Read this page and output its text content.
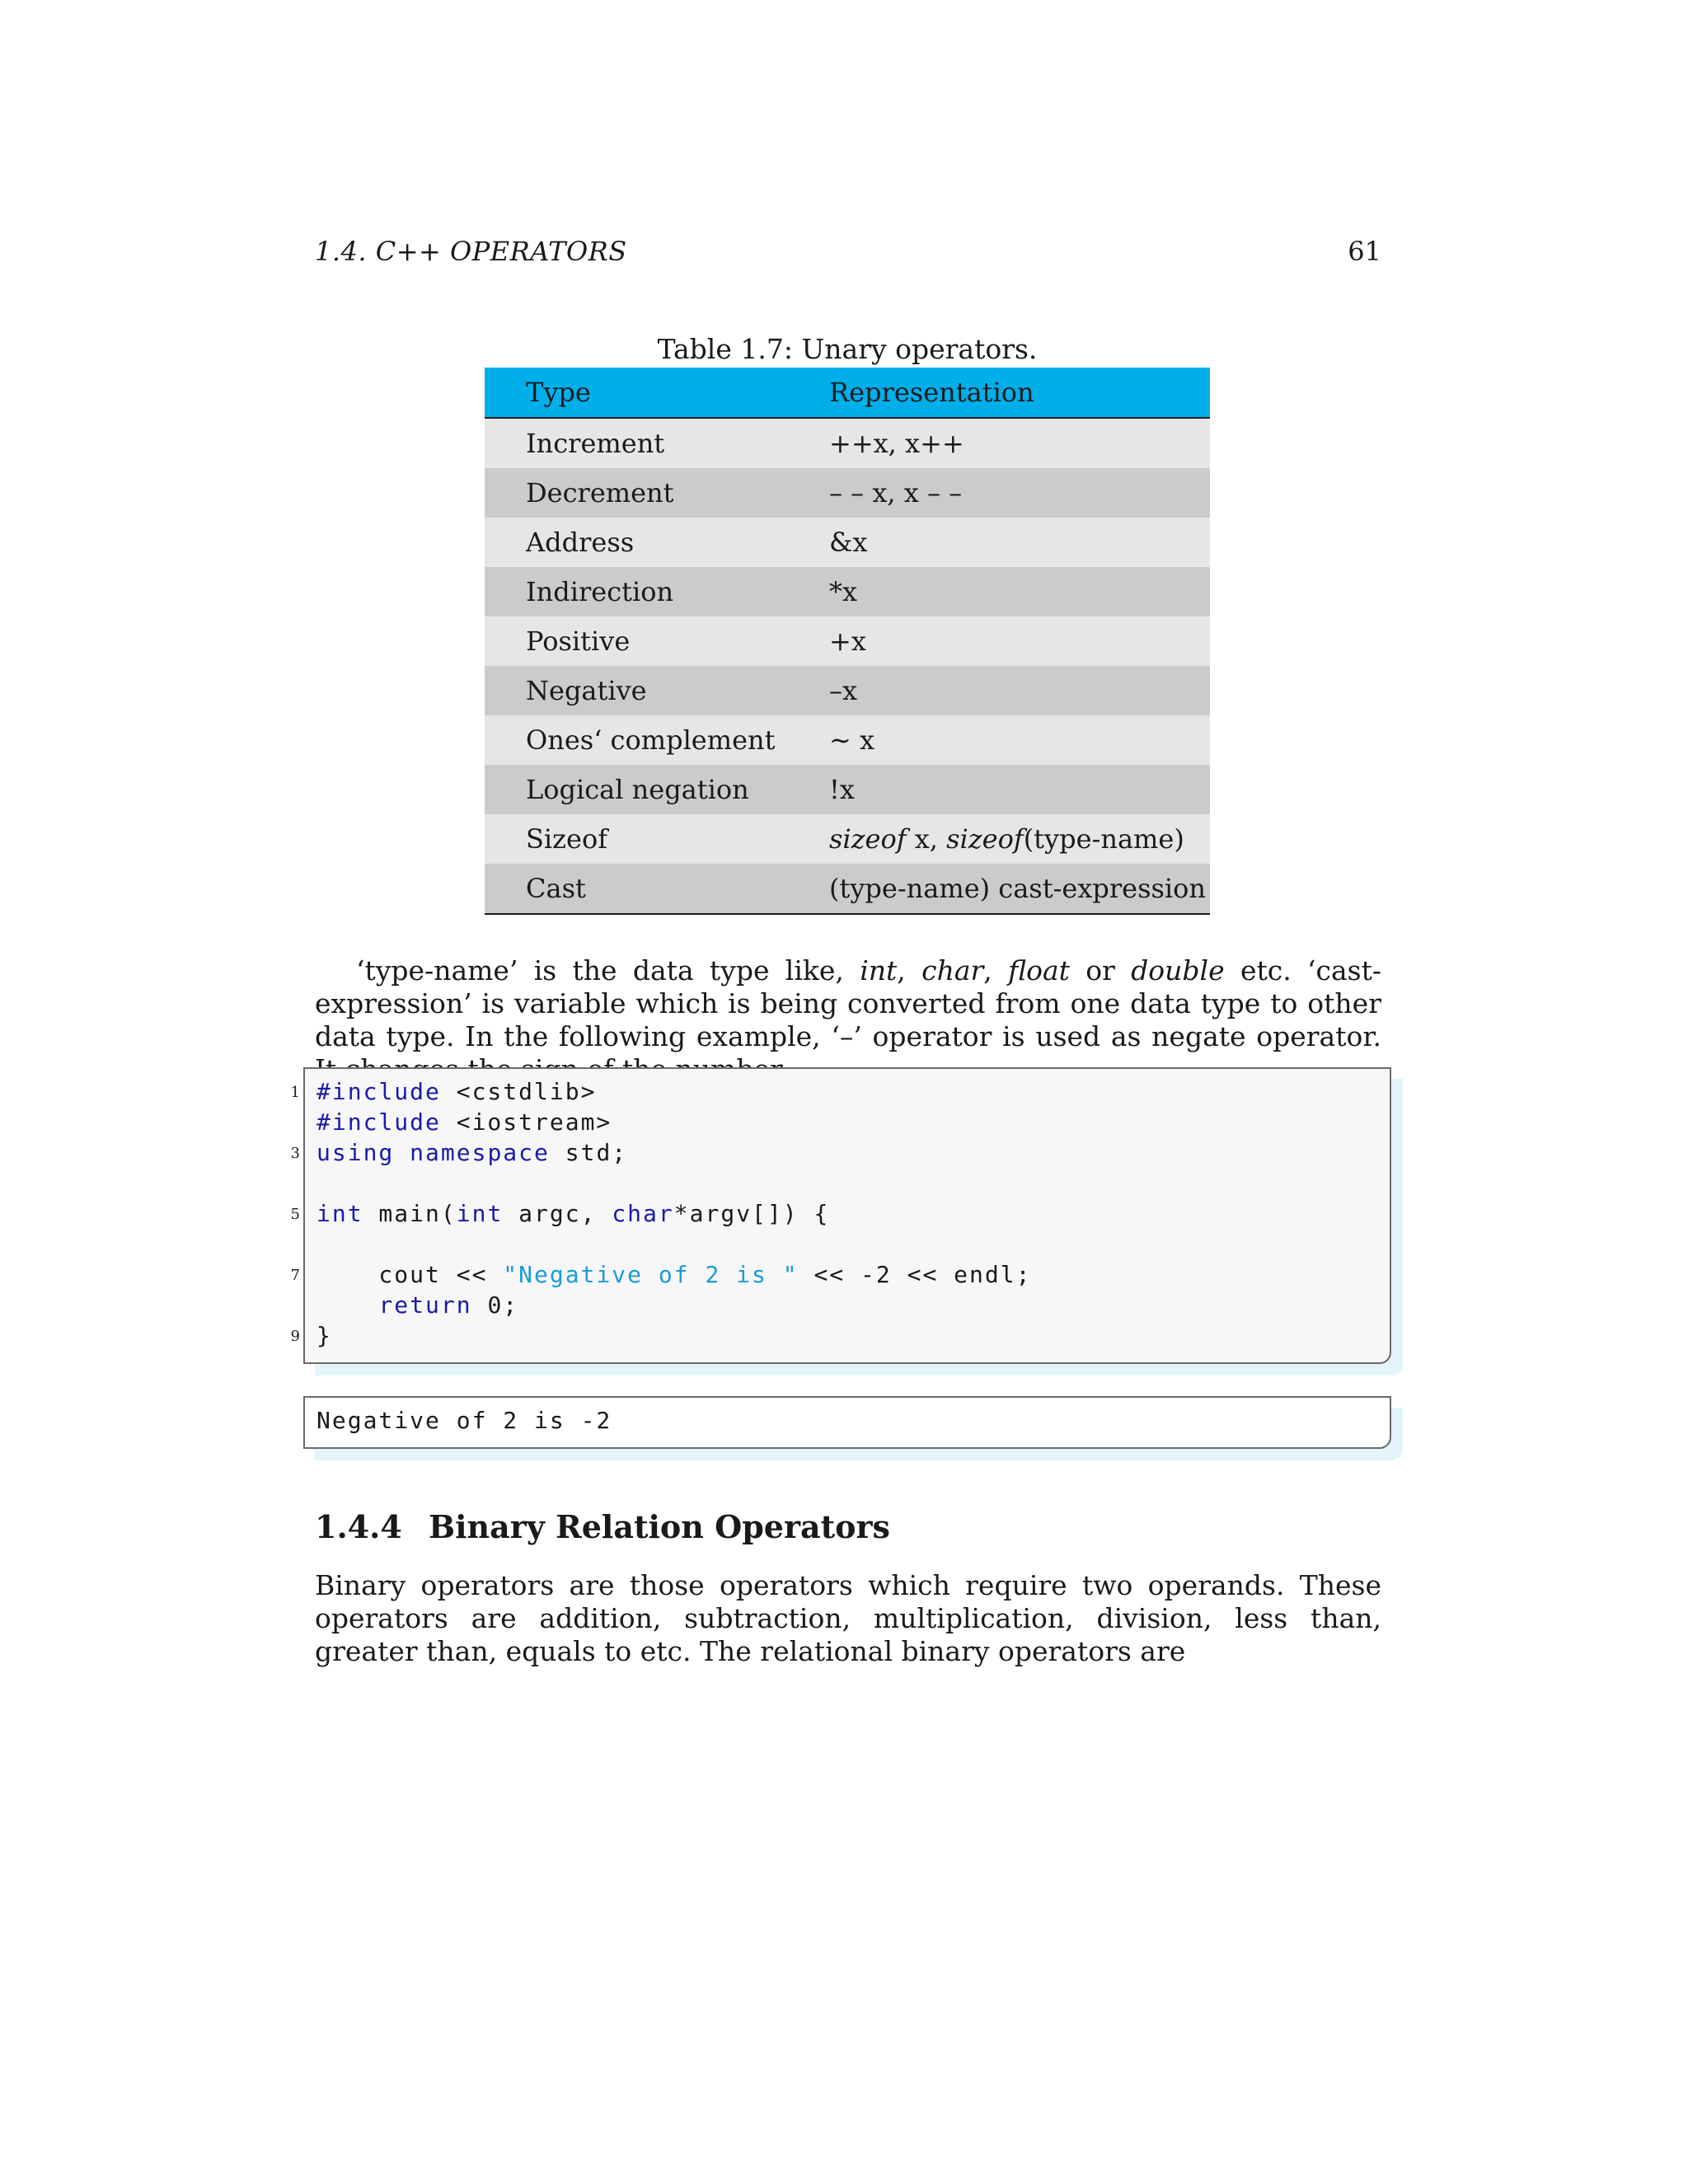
1.4. C++ OPERATORS	61
Table 1.7: Unary operators.
Type	Representation
Increment	++x, x++
Decrement	– – x, x – –
Address	&x
Indirection	*x
Positive	+x
Negative	–x
Ones‘ complement	∼ x
Logical negation	!x
Sizeof	sizeof x, sizeof(type-name)
Cast	(type-name) cast-expression
‘type-name’ is the data type like, int, char, float or double etc. ‘cast-expression’ is variable which is being converted from one data type to other data type. In the following example, ‘–’ operator is used as negate operator.
1
3
5
7
9
#include <cstdlib>
#include <iostream>
using namespace std;
int main(int argc, char*argv[]) {
cout << "Negative of 2 is " << -2 << endl;
return 0;
}
Negative of 2 is -2
1.4.4 Binary Relation Operators
Binary operators are those operators which require two operands. These operators are addition, subtraction, multiplication, division, less than, greater than, equals to etc. The relational binary operators are
